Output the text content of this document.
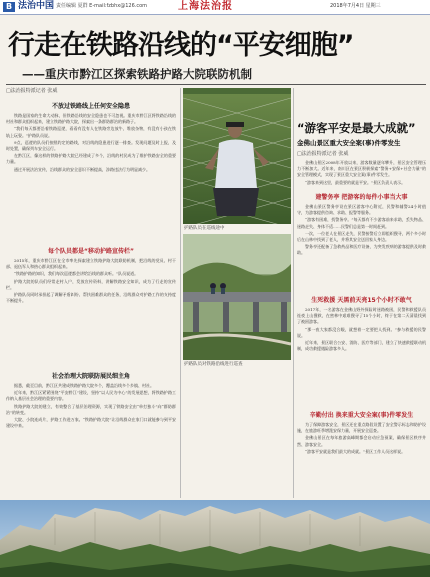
B 法治中国 责任编辑 夏群 E-mail:fzbhx@126.com	上海法治报	2018年7月4日 星期三
行走在铁路沿线的“平安细胞”
——重庆市黔江区探索铁路护路大院联防机制
□法治报特派记者 张威
不放过铁路线上任何安全隐患

铁路是国家的生命大动脉，但铁路沿线的安全隐患也不可忽视。重庆市黔江区将铁路沿线的村社和群众组织起来，建立铁路护路大院，探索出一条群防群治的新路子。

“我们每天都要沿着铁路巡逻，看看有没有人在铁路旁边放牛、堆放杂物，有没有小孩在铁轨上玩耍。”护路队员说。

9点，巡逻的队员们按照约定的路线，对沿线的隐患进行逐一排查。发现问题及时上报，及时处置，确保列车安全运行。

在黔江区，像这样的铁路护路大院已经建成了多个，沿线的村民成为了维护铁路安全的重要力量。

通过开展法治宣传，沿线群众的安全意识不断提高，涉路违法行为明显减少。

每个队员都是“移动护路宣传栏”

2015年，重庆市黔江区在全市率先探索建立铁路护路大院联防机制，把沿线的党员、村干部、退伍军人和热心群众组织起来。

“铁路护路的知识，我们每次巡逻都会讲给沿线的群众听。”队员说道。

护路大院的队员们经常走村入户，发放宣传资料，讲解铁路安全知识，成为了行走的宣传栏。

护路队员同时承担起了调解矛盾纠纷、帮扶困难群众的任务，沿线群众对护路工作的支持度不断提升。

社会治理大院联防展民细主角

据悉，截至目前，黔江区共建成铁路护路大院多个，覆盖沿线多个乡镇、村社。

近年来，黔江区紧紧围绕“平安黔江”建设，坚持“以人民为中心”的发展思想，将铁路护路工作纳入基层社会治理的重要内容。

铁路护路大院的建立，有效整合了基层治理资源，实现了铁路安全由“单打独斗”向“群防群治”的转变。

大院、小院连成片，护路工作进万家。“铁路护路大院”让沿线群众在家门口就能参与到平安建设中来。

护路队员在巡线途中
护路队员对铁路沿线进行巡查
“游客平安是最大成就”
金佛山景区重大安全案(事)件零发生
□法治报特派记者 张威

金佛山景区2008年开放以来，游客数量逐年攀升，景区安全管理压力不断加大。近年来，南川区在景区积极探索“警务+安保+社会力量”的安全管理模式，实现了景区重大安全案(事)件零发生。

“游客来到这里，最重要的就是平安。”景区负责人表示。

建警务亭 把游客的每件小事当大事

金佛山景区警务亭设在景区游客中心附近，民警和辅警24小时值守，为游客提供咨询、求助、报警等服务。

“游客有困难，找警务亭。”每天都有不少游客前来求助，丢失物品、迷路走失、身体不适……民警们总是第一时间赶到。

一次，一位老人在景区走失，民警接警后立即组织搜寻，两个多小时后在山林中找到了老人，并将其安全送回家人身边。

警务亭还配备了急救药品和医疗设备，为突发疾病的游客提供及时救助。

生死救援 天黑前天亮15个小时不敢气

2017年，一名游客在金佛山野外探险时迷路被困，民警和救援队员连夜上山搜救，在密林中艰难搜寻了15个小时，终于在第二天清晨找到了被困游客。

“那一夜大家都没合眼，就想着一定要把人找到。”参与救援的民警说。

近年来，景区联合公安、消防、医疗等部门，建立了快速救援联动机制，成功救援遇险游客多人。

辛勤付出 换来重大安全案(事)件零发生

为了保障游客安全，景区还在重点路段设置了安全警示标志和防护设施，在旅游旺季增派安保力量，开展安全巡查。

金佛山景区在每年旅游高峰期都会启动应急预案，确保景区秩序井然、游客安全。

“游客平安就是我们最大的成就。”景区工作人员这样说。
